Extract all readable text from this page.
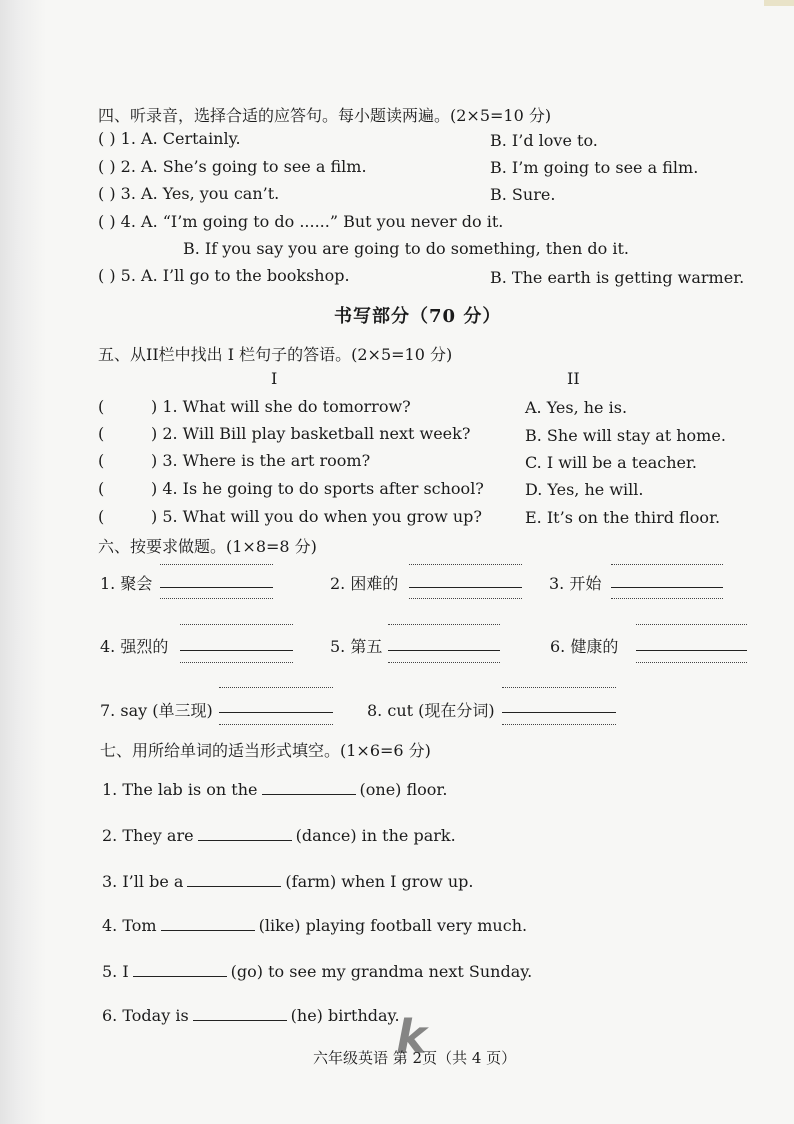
四、听录音，选择合适的应答句。每小题读两遍。(2×5=10 分)
( ) 1. A. Certainly.	B. I’d love to.
( ) 2. A. She’s going to see a film.	B. I’m going to see a film.
( ) 3. A. Yes, you can’t.	B. Sure.
( ) 4. A. “I’m going to do ......” But you never do it.
B. If you say you are going to do something, then do it.
( ) 5. A. I’ll go to the bookshop.	B. The earth is getting warmer.
书写部分（70 分）
五、从II栏中找出 I 栏句子的答语。(2×5=10 分)
I	II
(	) 1. What will she do tomorrow?	A. Yes, he is.
(	) 2. Will Bill play basketball next week?	B. She will stay at home.
(	) 3. Where is the art room?	C. I will be a teacher.
(	) 4. Is he going to do sports after school?	D. Yes, he will.
(	) 5. What will you do when you grow up?	E. It’s on the third floor.
六、按要求做题。(1×8=8 分)
1. 聚会	2. 困难的	3. 开始
4. 强烈的	5. 第五	6. 健康的
7. say (单三现)	8. cut (现在分词)
七、用所给单词的适当形式填空。(1×6=6 分)
1. The lab is on the	(one) floor.
2. They are	(dance) in the park.
3. I’ll be a	(farm) when I grow up.
4. Tom	(like) playing football very much.
5. I	(go) to see my grandma next Sunday.
6. Today is	(he) birthday.
k
六年级英语 第 2页（共 4 页）
